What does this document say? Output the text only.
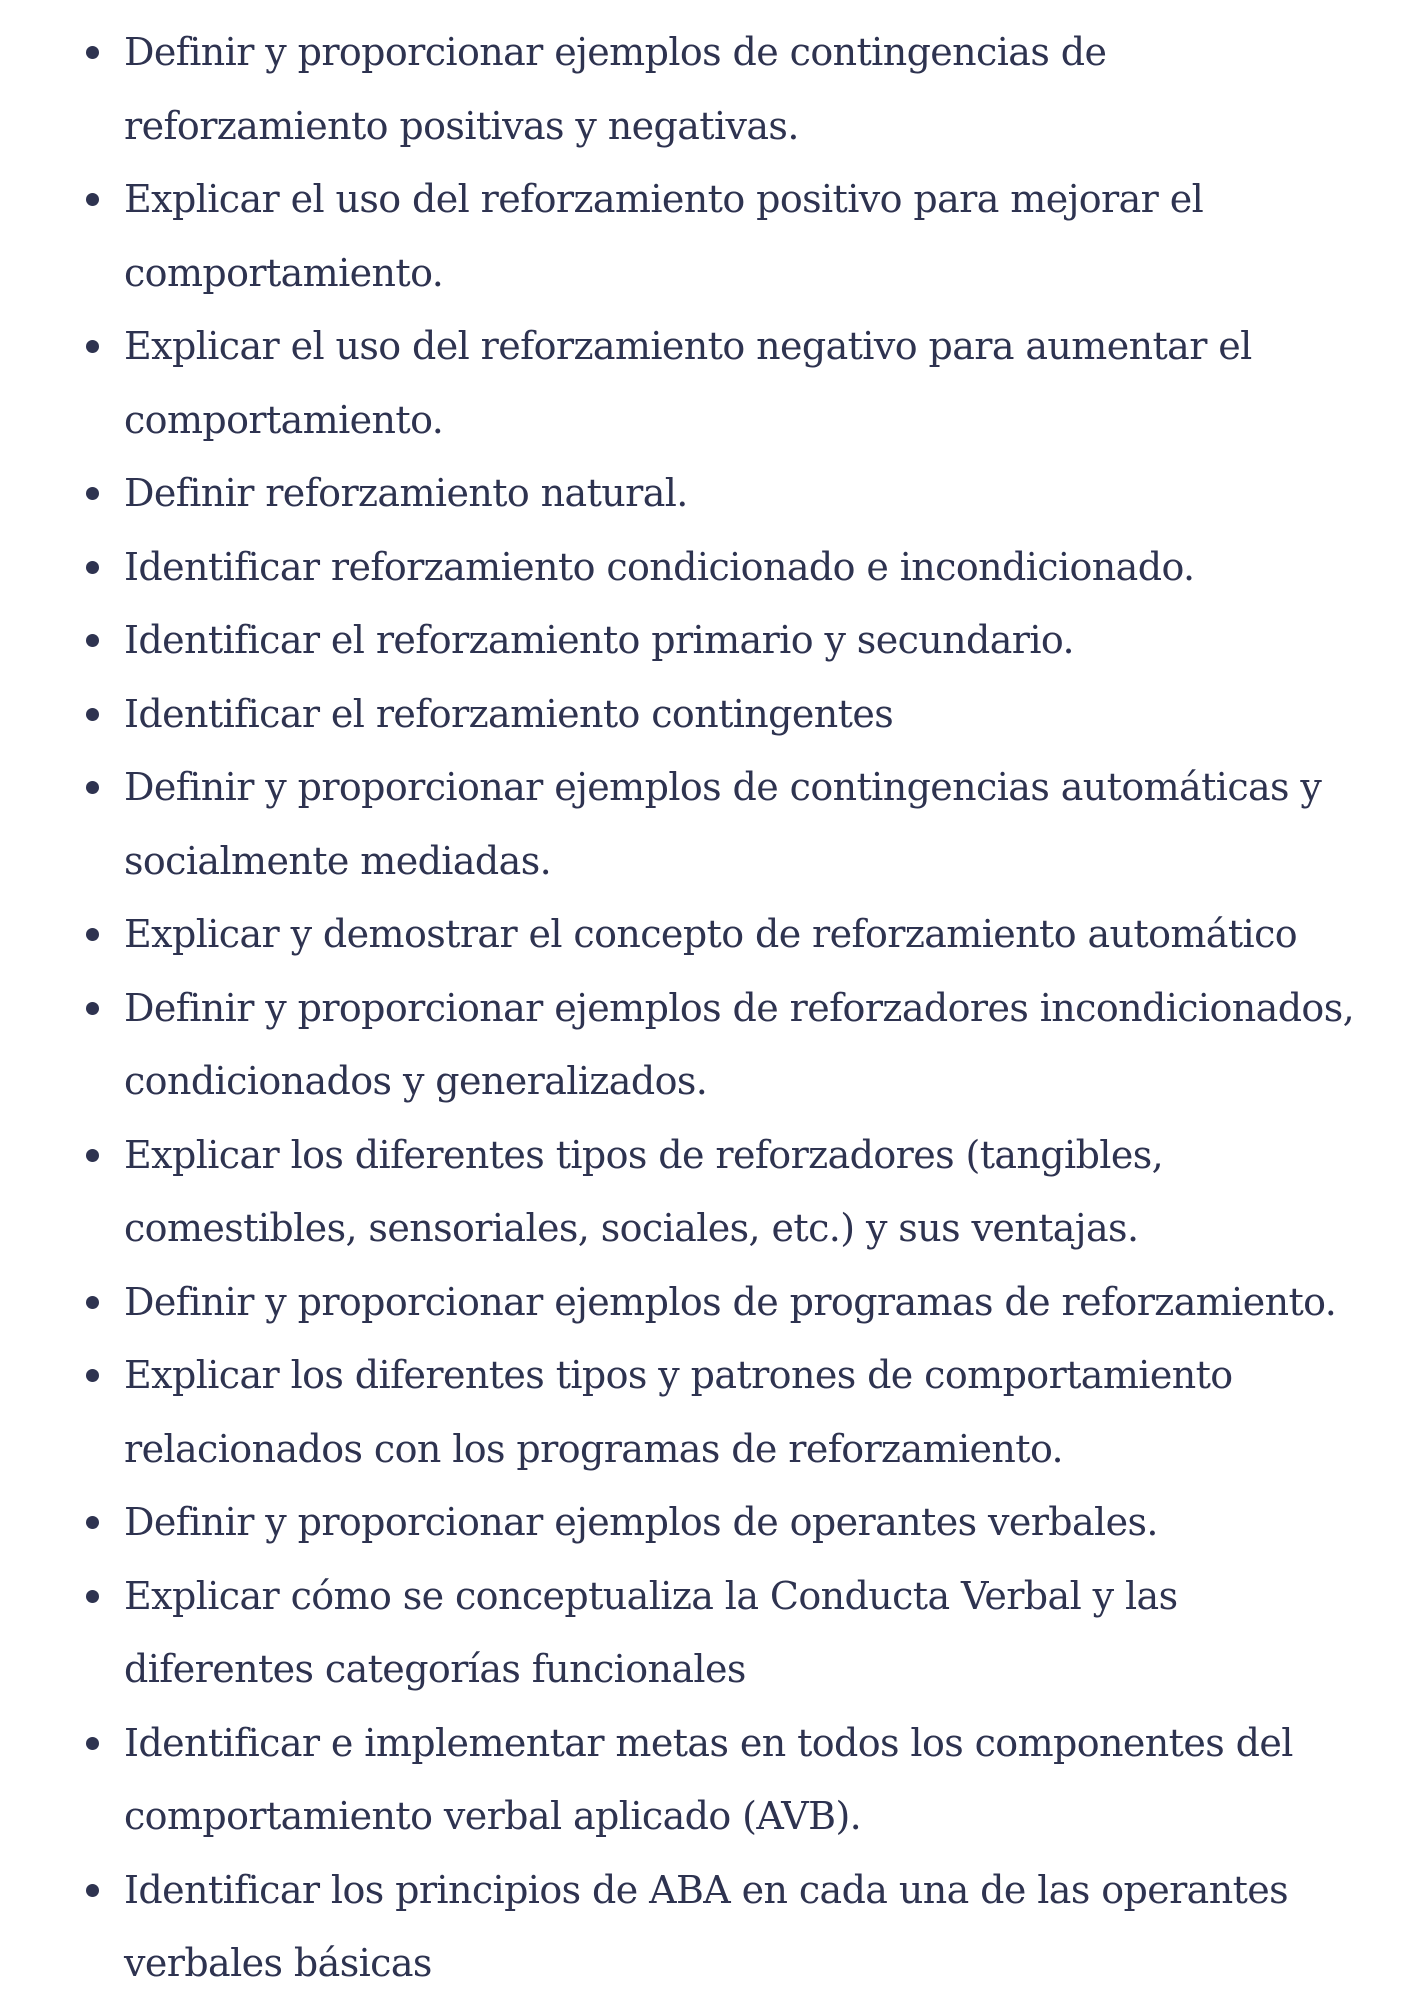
Definir y proporcionar ejemplos de contingencias de reforzamiento positivas y negativas.
Explicar el uso del reforzamiento positivo para mejorar el comportamiento.
Explicar el uso del reforzamiento negativo para aumentar el comportamiento.
Definir reforzamiento natural.
Identificar reforzamiento condicionado e incondicionado.
Identificar el reforzamiento primario y secundario.
Identificar el reforzamiento contingentes
Definir y proporcionar ejemplos de contingencias automáticas y socialmente mediadas.
Explicar y demostrar el concepto de reforzamiento automático
Definir y proporcionar ejemplos de reforzadores incondicionados, condicionados y generalizados.
Explicar los diferentes tipos de reforzadores (tangibles, comestibles, sensoriales, sociales, etc.) y sus ventajas.
Definir y proporcionar ejemplos de programas de reforzamiento.
Explicar los diferentes tipos y patrones de comportamiento relacionados con los programas de reforzamiento.
Definir y proporcionar ejemplos de operantes verbales.
Explicar cómo se conceptualiza la Conducta Verbal y las diferentes categorías funcionales
Identificar e implementar metas en todos los componentes del comportamiento verbal aplicado (AVB).
Identificar los principios de ABA en cada una de las operantes verbales básicas
